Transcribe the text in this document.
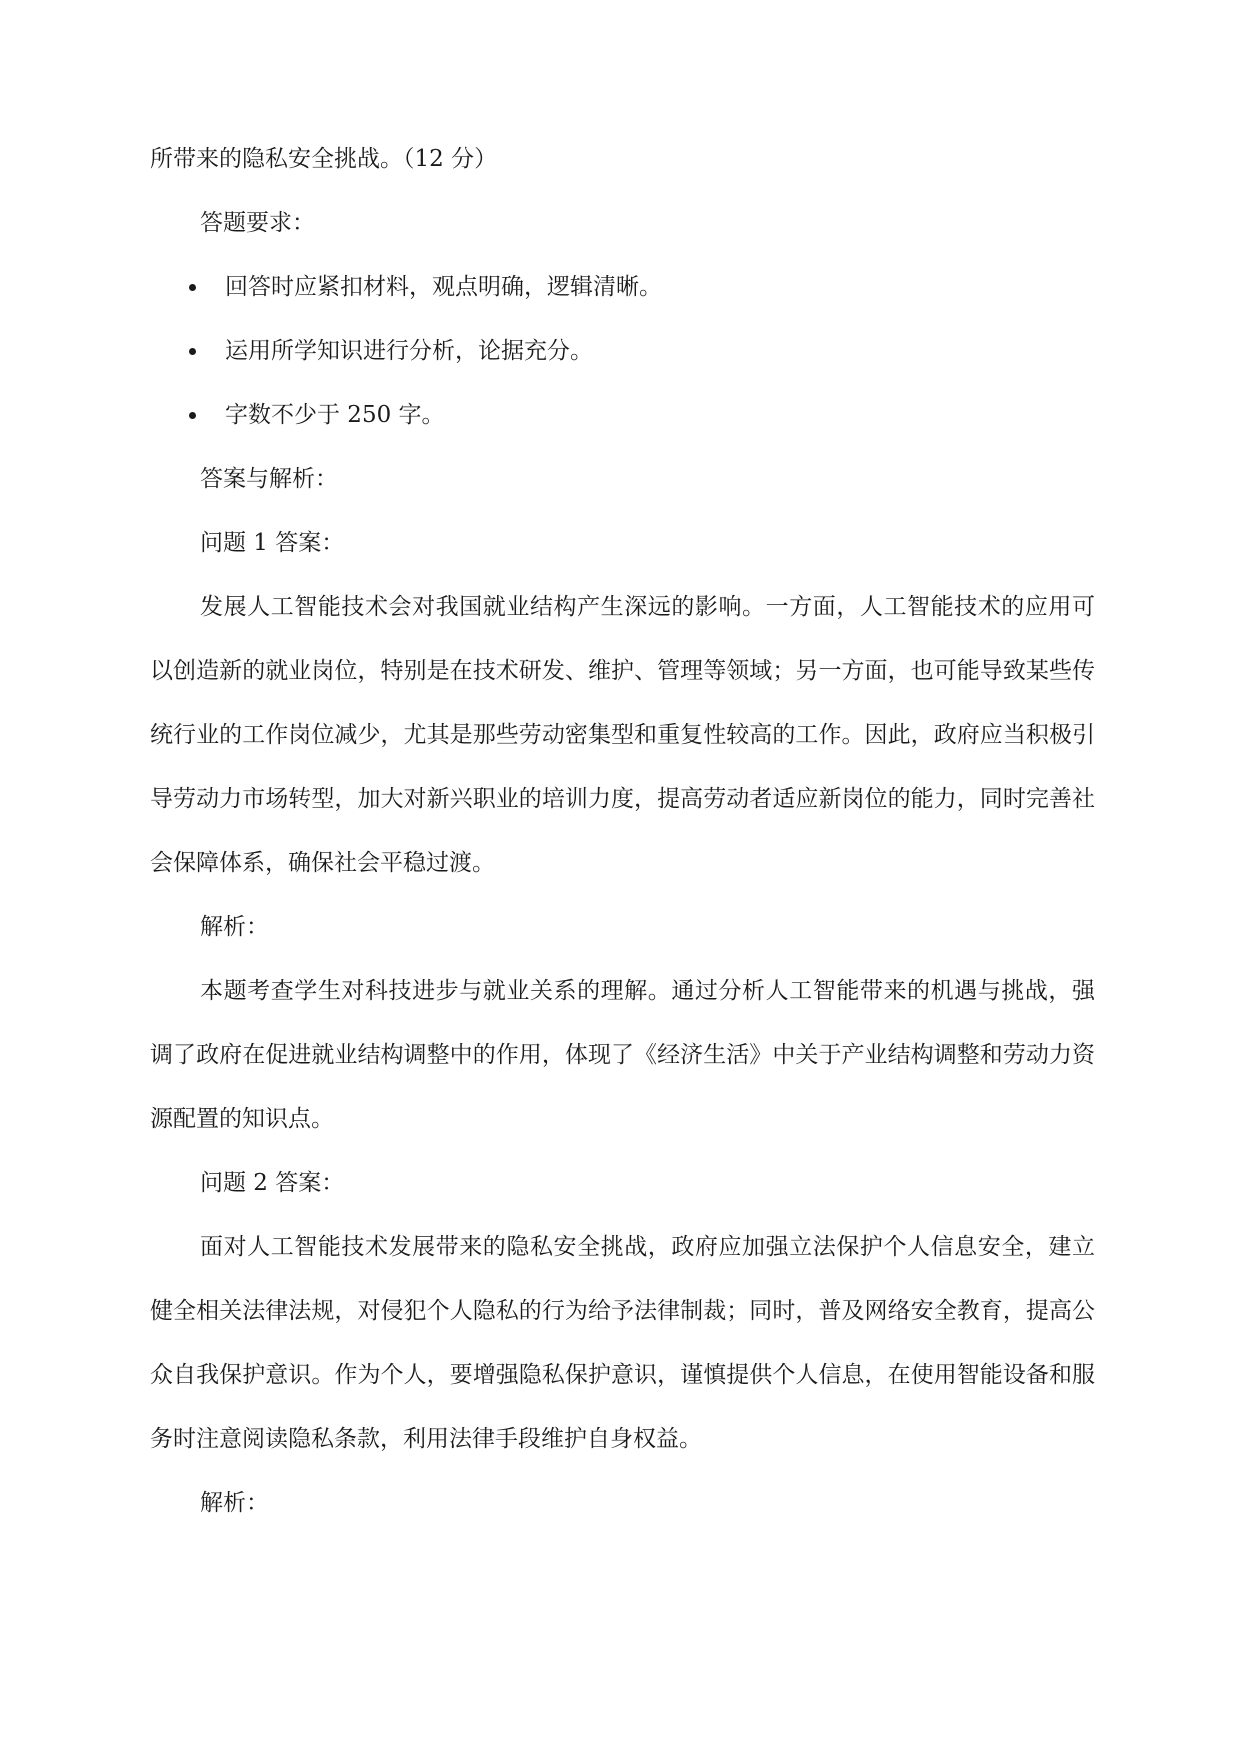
所带来的隐私安全挑战。（12 分）

答题要求：

回答时应紧扣材料，观点明确，逻辑清晰。
运用所学知识进行分析，论据充分。
字数不少于 250 字。

答案与解析：

问题 1 答案：

发展人工智能技术会对我国就业结构产生深远的影响。一方面，人工智能技术的应用可以创造新的就业岗位，特别是在技术研发、维护、管理等领域；另一方面，也可能导致某些传统行业的工作岗位减少，尤其是那些劳动密集型和重复性较高的工作。因此，政府应当积极引导劳动力市场转型，加大对新兴职业的培训力度，提高劳动者适应新岗位的能力，同时完善社会保障体系，确保社会平稳过渡。

解析：

本题考查学生对科技进步与就业关系的理解。通过分析人工智能带来的机遇与挑战，强调了政府在促进就业结构调整中的作用，体现了《经济生活》中关于产业结构调整和劳动力资源配置的知识点。

问题 2 答案：

面对人工智能技术发展带来的隐私安全挑战，政府应加强立法保护个人信息安全，建立健全相关法律法规，对侵犯个人隐私的行为给予法律制裁；同时，普及网络安全教育，提高公众自我保护意识。作为个人，要增强隐私保护意识，谨慎提供个人信息，在使用智能设备和服务时注意阅读隐私条款，利用法律手段维护自身权益。

解析：
